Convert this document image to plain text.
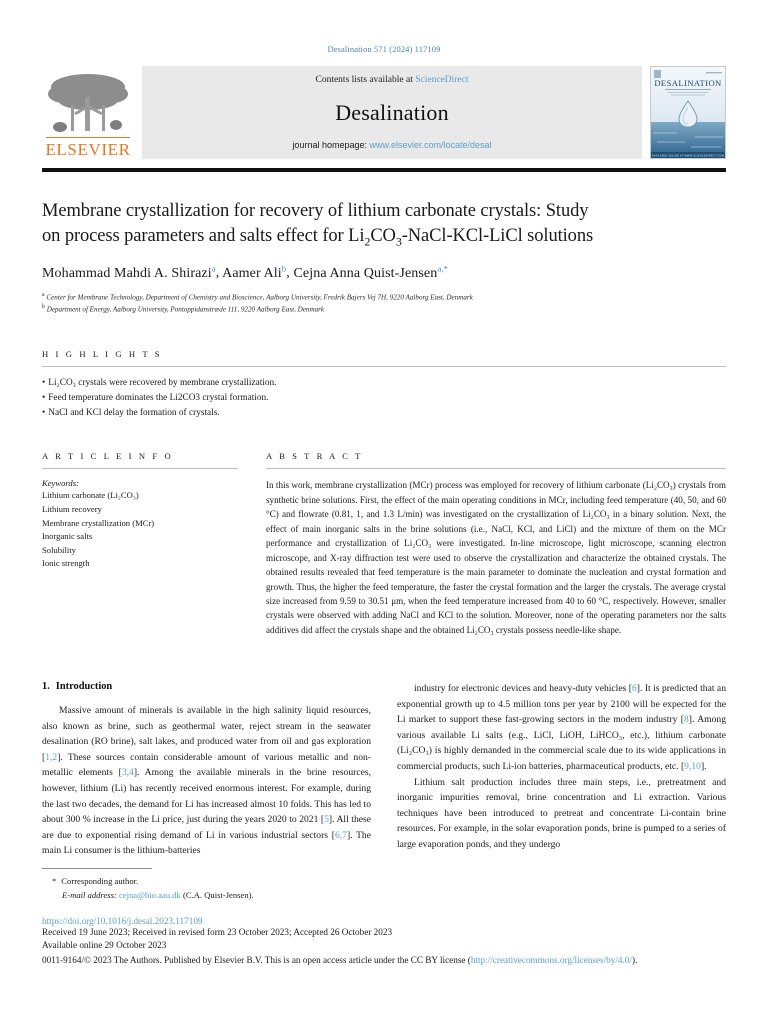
Desalination 571 (2024) 117109
ELSEVIER
Contents lists available at ScienceDirect
Desalination
journal homepage: www.elsevier.com/locate/desal
DESALINATION
AVAILABLE ONLINE AT WWW.SCIENCEDIRECT.COM
Membrane crystallization for recovery of lithium carbonate crystals: Study
on process parameters and salts effect for $Li_2CO_3-NaCl-KCl$-LiCl solutions
Mohammad Mahdi A. Shirazi$^a$, Aamer Ali$^b$, Cejna Anna Quist-Jensen$^{a,*}$
$^a$ Center for Membrane Technology, Department of Chemistry and Bioscience, Aalborg University, Fredrik Bajers Vej 7H, 9220 Aalborg East, Denmark
$^b$ Department of Energy, Aalborg University, Pontoppidanstræde 111, 9220 Aalborg East, Denmark
H I G H L I G H T S
• Li₂CO₃ crystals were recovered by membrane crystallization.
• Feed temperature dominates the Li2CO3 crystal formation.
• NaCl and KCl delay the formation of crystals.
A R T I C L E I N F O
Keywords:
Lithium carbonate (Li₂CO₃)
Lithium recovery
Membrane crystallization (MCr)
Inorganic salts
Solubility
Ionic strength
A B S T R A C T
In this work, membrane crystallization (MCr) process was employed for recovery of lithium carbonate (Li₂CO₃) crystals from synthetic brine solutions. First, the effect of the main operating conditions in MCr, including feed temperature (40, 50, and 60 °C) and flowrate (0.81, 1, and 1.3 L/min) was investigated on the crystallization of Li₂CO₃ in a binary solution. Next, the effect of main inorganic salts in the brine solutions (i.e., NaCl, KCl, and LiCl) and the mixture of them on the MCr performance and crystallization of Li₂CO₃ were investigated. In-line microscope, light microscope, scanning electron microscope, and X-ray diffraction test were used to observe the crystallization and characterize the obtained crystals. The obtained results revealed that feed temperature is the main parameter to dominate the nucleation and crystal formation and growth. Thus, the higher the feed temperature, the faster the crystal formation and the larger the crystals. The average crystal size increased from 9.59 to 30.51 μm, when the feed temperature increased from 40 to 60 °C, respectively. However, smaller crystals were observed with adding NaCl and KCl to the solution. Moreover, none of the operating parameters nor the salts additives did affect the crystals shape and the obtained Li₂CO₃ crystals possess needle-like shape.
1. Introduction

Massive amount of minerals is available in the high salinity liquid resources, also known as brine, such as geothermal water, reject stream in the seawater desalination (RO brine), salt lakes, and produced water from oil and gas exploration [1,2]. These sources contain considerable amount of various metallic and non-metallic elements [3,4]. Among the available minerals in the brine resources, however, lithium (Li) has recently received enormous interest. For example, during the last two decades, the demand for Li has increased almost 10 folds. This has led to about 300 % increase in the Li price, just during the years 2020 to 2021 [5]. All these are due to exponential rising demand of Li in various industrial sectors [6,7]. The main Li consumer is the lithium-batteries

industry for electronic devices and heavy-duty vehicles [6]. It is predicted that an exponential growth up to 4.5 million tons per year by 2100 will be expected for the Li market to support these fast-growing sectors in the modern industry [8]. Among various available Li salts (e.g., LiCl, LiOH, LiHCO₃, etc.), lithium carbonate (Li₂CO₃) is highly demanded in the commercial scale due to its wide applications in commercial products, such Li-ion batteries, pharmaceutical products, etc. [9,10].

Lithium salt production includes three main steps, i.e., pretreatment and inorganic impurities removal, brine concentration and Li extraction. Various techniques have been introduced to pretreat and concentrate Li-contain brine resources. For example, in the solar evaporation ponds, brine is pumped to a series of large evaporation ponds, and they undergo

* Corresponding author.
E-mail address: cejna@bio.aau.dk (C.A. Quist-Jensen).
https://doi.org/10.1016/j.desal.2023.117109
Received 19 June 2023; Received in revised form 23 October 2023; Accepted 26 October 2023
Available online 29 October 2023
0011-9164/© 2023 The Authors. Published by Elsevier B.V. This is an open access article under the CC BY license (http://creativecommons.org/licenses/by/4.0/).
